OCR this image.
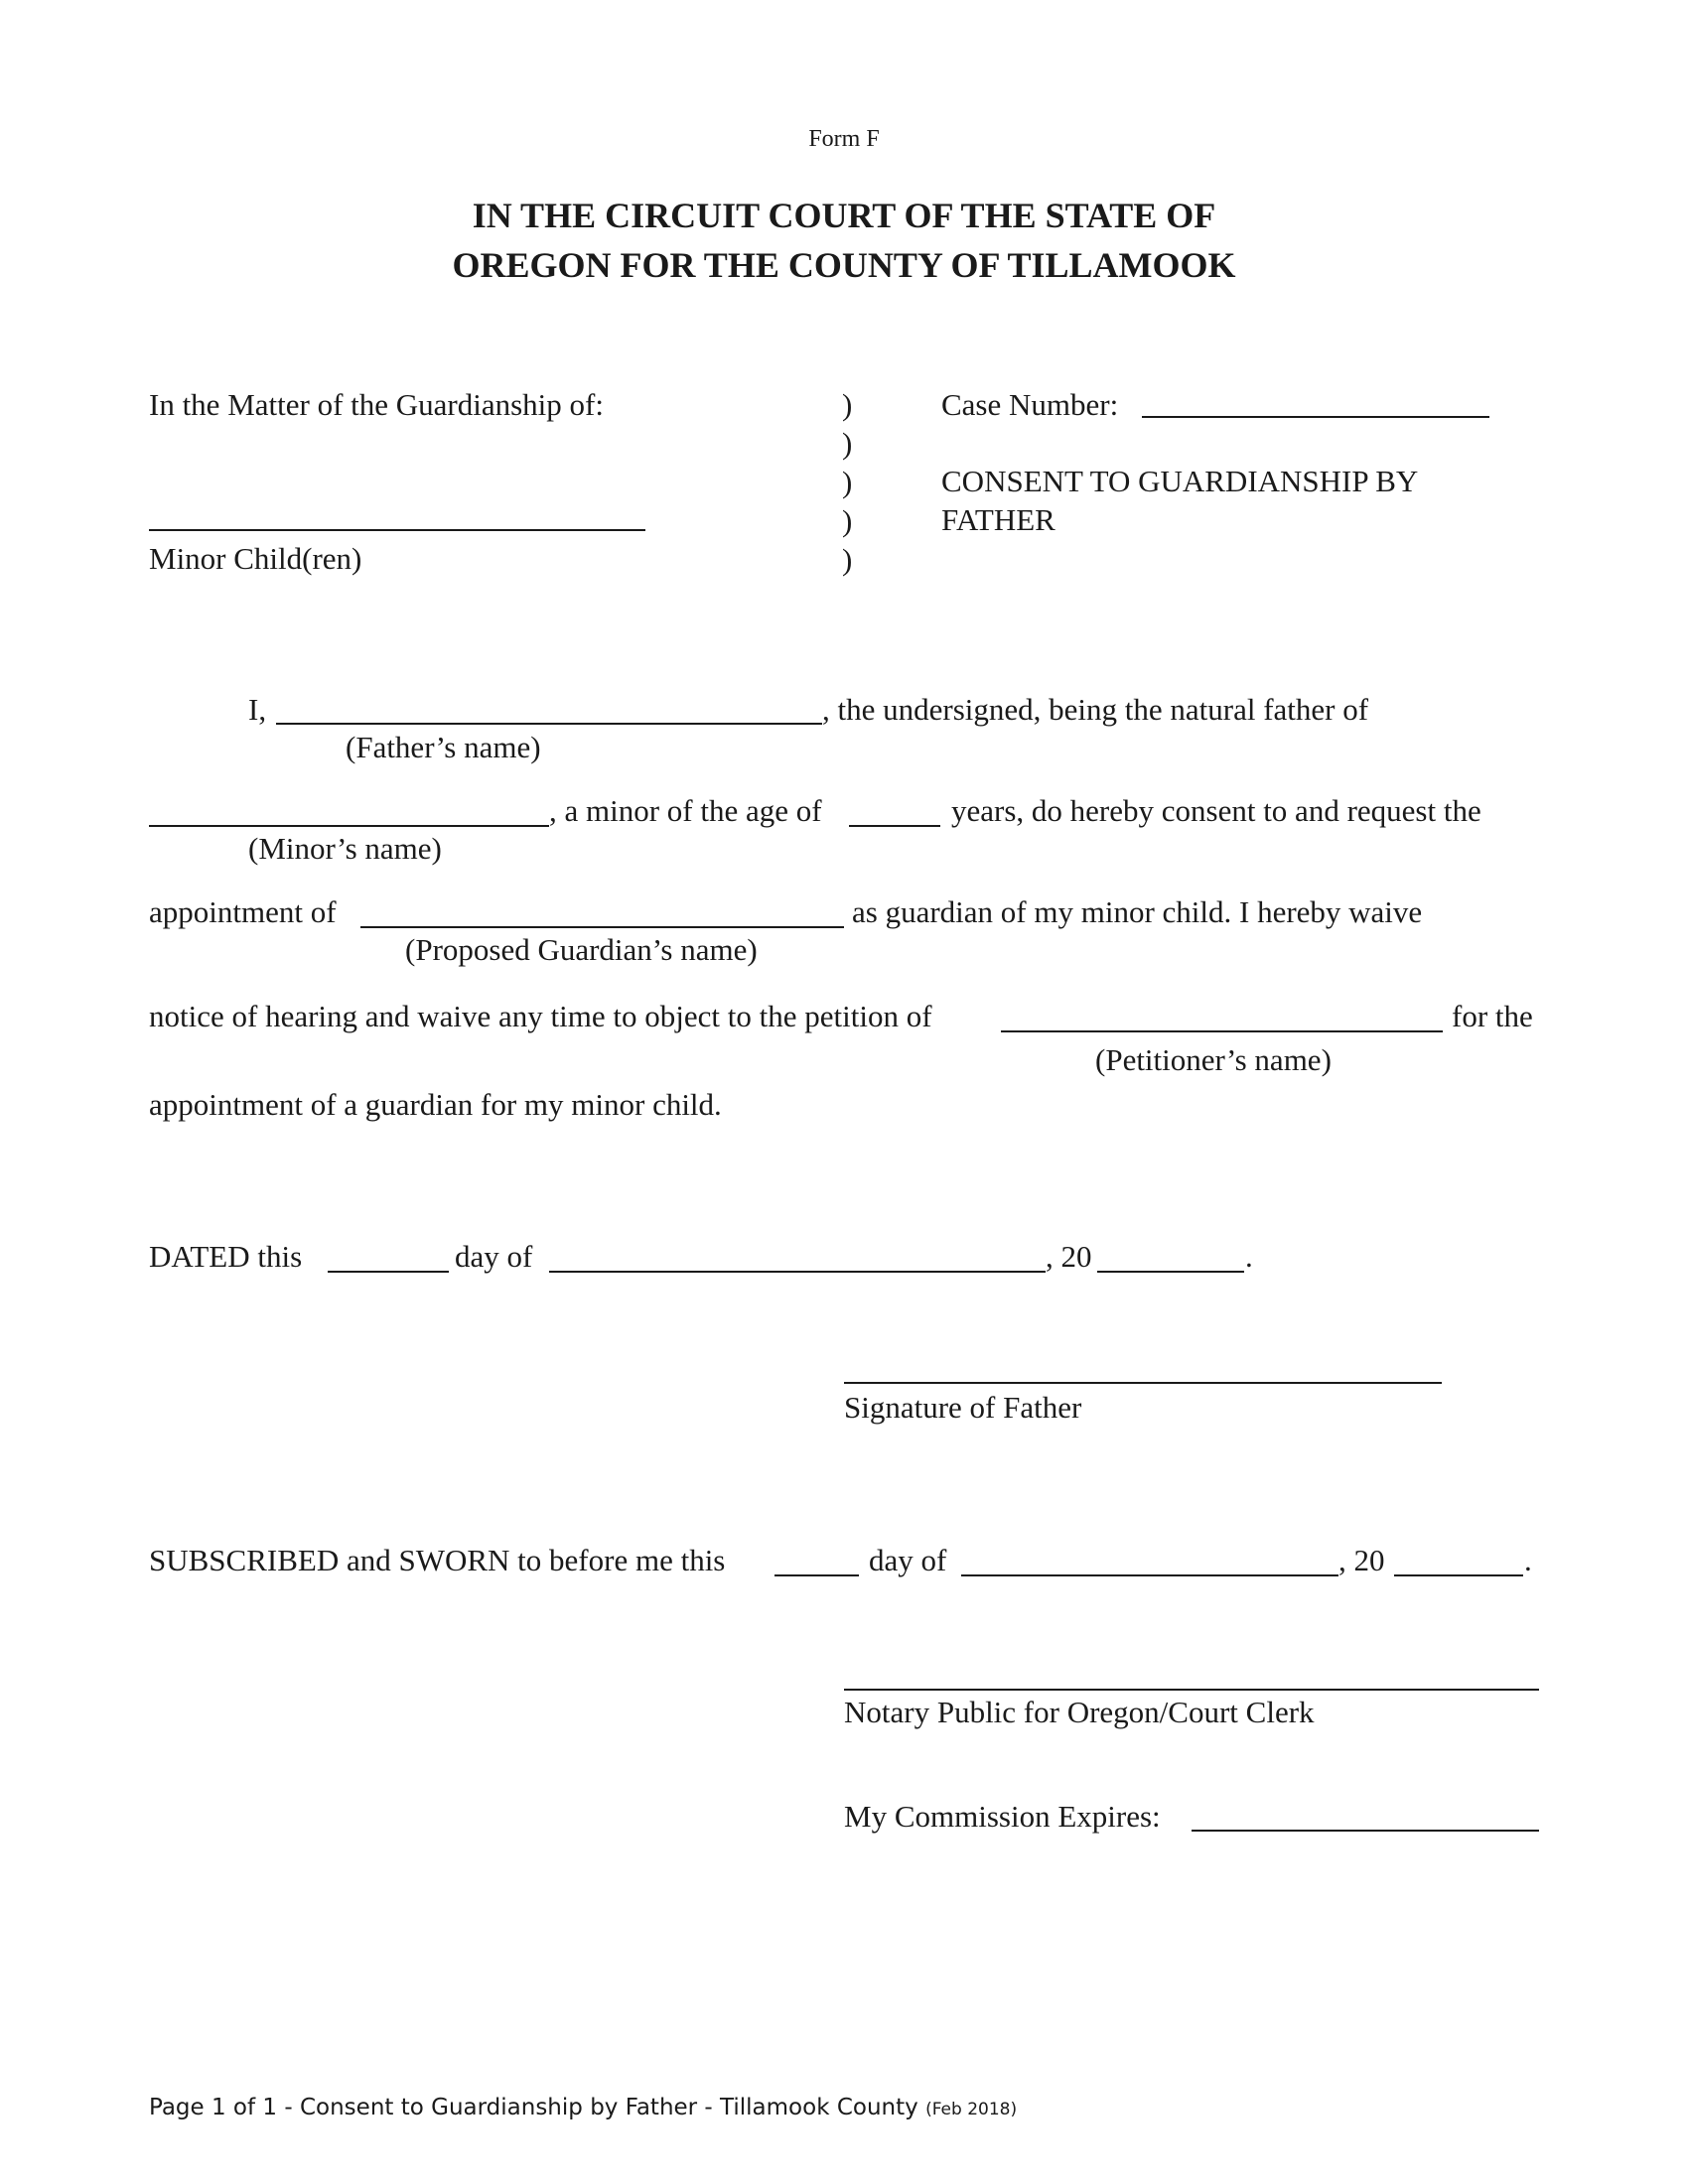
Form F
IN THE CIRCUIT COURT OF THE STATE OF
OREGON FOR THE COUNTY OF TILLAMOOK
In the Matter of the Guardianship of:
Minor Child(ren)
)
)
)
)
)
Case Number:
CONSENT TO GUARDIANSHIP BY
FATHER
I,	, the undersigned, being the natural father of
(Father’s name)
, a minor of the age of	years, do hereby consent to and request the
(Minor’s name)
appointment of	as guardian of my minor child. I hereby waive
(Proposed Guardian’s name)
notice of hearing and waive any time to object to the petition of	for the
(Petitioner’s name)
appointment of a guardian for my minor child.
DATED this	day of	, 20	.
Signature of Father
SUBSCRIBED and SWORN to before me this	day of	, 20	.
Notary Public for Oregon/Court Clerk
My Commission Expires:
Page 1 of 1 - Consent to Guardianship by Father - Tillamook County (Feb 2018)
